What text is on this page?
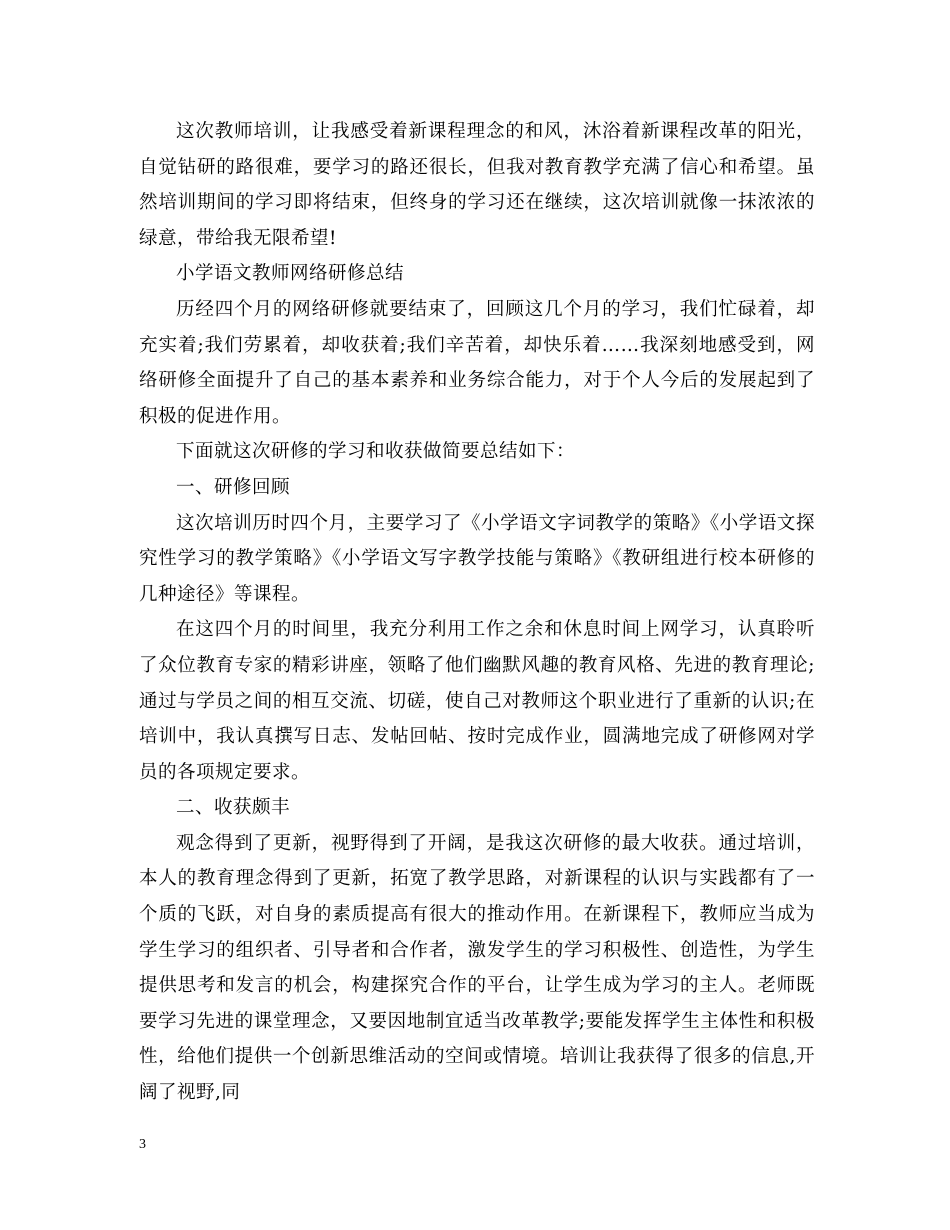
这次教师培训，让我感受着新课程理念的和风，沐浴着新课程改革的阳光，自觉钻研的路很难，要学习的路还很长，但我对教育教学充满了信心和希望。虽然培训期间的学习即将结束，但终身的学习还在继续，这次培训就像一抹浓浓的绿意，带给我无限希望!

小学语文教师网络研修总结

历经四个月的网络研修就要结束了，回顾这几个月的学习，我们忙碌着，却充实着;我们劳累着，却收获着;我们辛苦着，却快乐着……我深刻地感受到，网络研修全面提升了自己的基本素养和业务综合能力，对于个人今后的发展起到了积极的促进作用。

下面就这次研修的学习和收获做简要总结如下：

一、研修回顾

这次培训历时四个月，主要学习了《小学语文字词教学的策略》《小学语文探究性学习的教学策略》《小学语文写字教学技能与策略》《教研组进行校本研修的几种途径》等课程。

在这四个月的时间里，我充分利用工作之余和休息时间上网学习，认真聆听了众位教育专家的精彩讲座，领略了他们幽默风趣的教育风格、先进的教育理论;通过与学员之间的相互交流、切磋，使自己对教师这个职业进行了重新的认识;在培训中，我认真撰写日志、发帖回帖、按时完成作业，圆满地完成了研修网对学员的各项规定要求。

二、收获颇丰

观念得到了更新，视野得到了开阔，是我这次研修的最大收获。通过培训，本人的教育理念得到了更新，拓宽了教学思路，对新课程的认识与实践都有了一个质的飞跃，对自身的素质提高有很大的推动作用。在新课程下，教师应当成为学生学习的组织者、引导者和合作者，激发学生的学习积极性、创造性，为学生提供思考和发言的机会，构建探究合作的平台，让学生成为学习的主人。老师既要学习先进的课堂理念，又要因地制宜适当改革教学;要能发挥学生主体性和积极性，给他们提供一个创新思维活动的空间或情境。培训让我获得了很多的信息,开阔了视野,同

3
